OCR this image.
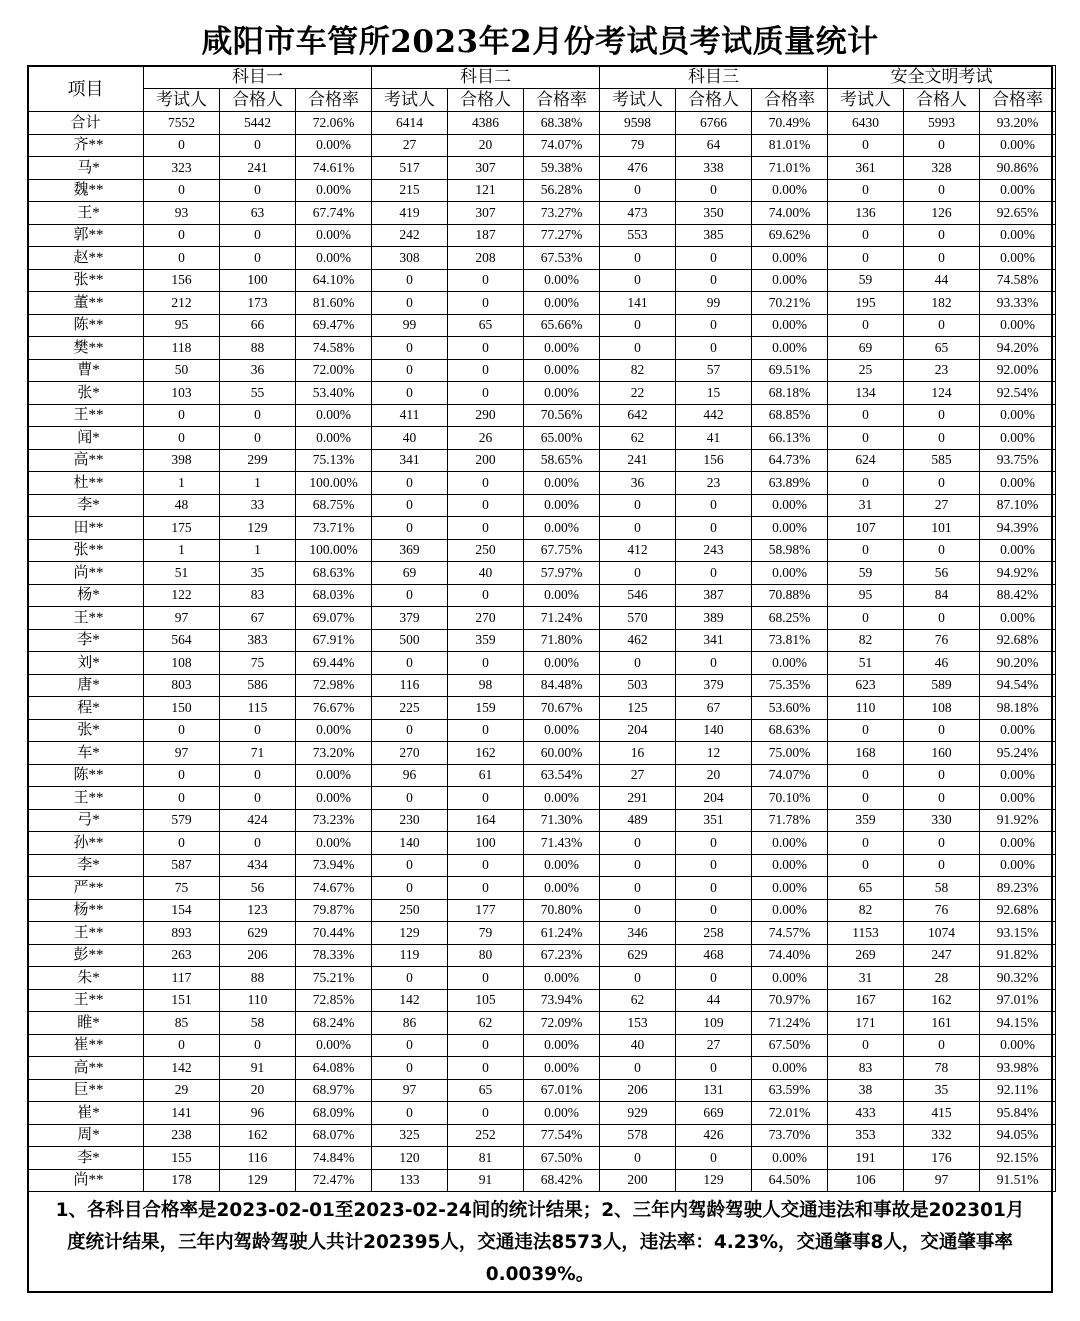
咸阳市车管所2023年2月份考试员考试质量统计
项目	科目一			科目二			科目三			安全文明考试		
	考试人	合格人	合格率	考试人	合格人	合格率	考试人	合格人	合格率	考试人	合格人	合格率
合计	7552	5442	72.06%	6414	4386	68.38%	9598	6766	70.49%	6430	5993	93.20%
齐**	0	0	0.00%	27	20	74.07%	79	64	81.01%	0	0	0.00%
马*	323	241	74.61%	517	307	59.38%	476	338	71.01%	361	328	90.86%
魏**	0	0	0.00%	215	121	56.28%	0	0	0.00%	0	0	0.00%
王*	93	63	67.74%	419	307	73.27%	473	350	74.00%	136	126	92.65%
郭**	0	0	0.00%	242	187	77.27%	553	385	69.62%	0	0	0.00%
赵**	0	0	0.00%	308	208	67.53%	0	0	0.00%	0	0	0.00%
张**	156	100	64.10%	0	0	0.00%	0	0	0.00%	59	44	74.58%
董**	212	173	81.60%	0	0	0.00%	141	99	70.21%	195	182	93.33%
陈**	95	66	69.47%	99	65	65.66%	0	0	0.00%	0	0	0.00%
樊**	118	88	74.58%	0	0	0.00%	0	0	0.00%	69	65	94.20%
曹*	50	36	72.00%	0	0	0.00%	82	57	69.51%	25	23	92.00%
张*	103	55	53.40%	0	0	0.00%	22	15	68.18%	134	124	92.54%
王**	0	0	0.00%	411	290	70.56%	642	442	68.85%	0	0	0.00%
闻*	0	0	0.00%	40	26	65.00%	62	41	66.13%	0	0	0.00%
高**	398	299	75.13%	341	200	58.65%	241	156	64.73%	624	585	93.75%
杜**	1	1	100.00%	0	0	0.00%	36	23	63.89%	0	0	0.00%
李*	48	33	68.75%	0	0	0.00%	0	0	0.00%	31	27	87.10%
田**	175	129	73.71%	0	0	0.00%	0	0	0.00%	107	101	94.39%
张**	1	1	100.00%	369	250	67.75%	412	243	58.98%	0	0	0.00%
尚**	51	35	68.63%	69	40	57.97%	0	0	0.00%	59	56	94.92%
杨*	122	83	68.03%	0	0	0.00%	546	387	70.88%	95	84	88.42%
王**	97	67	69.07%	379	270	71.24%	570	389	68.25%	0	0	0.00%
李*	564	383	67.91%	500	359	71.80%	462	341	73.81%	82	76	92.68%
刘*	108	75	69.44%	0	0	0.00%	0	0	0.00%	51	46	90.20%
唐*	803	586	72.98%	116	98	84.48%	503	379	75.35%	623	589	94.54%
程*	150	115	76.67%	225	159	70.67%	125	67	53.60%	110	108	98.18%
张*	0	0	0.00%	0	0	0.00%	204	140	68.63%	0	0	0.00%
车*	97	71	73.20%	270	162	60.00%	16	12	75.00%	168	160	95.24%
陈**	0	0	0.00%	96	61	63.54%	27	20	74.07%	0	0	0.00%
王**	0	0	0.00%	0	0	0.00%	291	204	70.10%	0	0	0.00%
弓*	579	424	73.23%	230	164	71.30%	489	351	71.78%	359	330	91.92%
孙**	0	0	0.00%	140	100	71.43%	0	0	0.00%	0	0	0.00%
李*	587	434	73.94%	0	0	0.00%	0	0	0.00%	0	0	0.00%
严**	75	56	74.67%	0	0	0.00%	0	0	0.00%	65	58	89.23%
杨**	154	123	79.87%	250	177	70.80%	0	0	0.00%	82	76	92.68%
王**	893	629	70.44%	129	79	61.24%	346	258	74.57%	1153	1074	93.15%
彭**	263	206	78.33%	119	80	67.23%	629	468	74.40%	269	247	91.82%
朱*	117	88	75.21%	0	0	0.00%	0	0	0.00%	31	28	90.32%
王**	151	110	72.85%	142	105	73.94%	62	44	70.97%	167	162	97.01%
睢*	85	58	68.24%	86	62	72.09%	153	109	71.24%	171	161	94.15%
崔**	0	0	0.00%	0	0	0.00%	40	27	67.50%	0	0	0.00%
高**	142	91	64.08%	0	0	0.00%	0	0	0.00%	83	78	93.98%
巨**	29	20	68.97%	97	65	67.01%	206	131	63.59%	38	35	92.11%
崔*	141	96	68.09%	0	0	0.00%	929	669	72.01%	433	415	95.84%
周*	238	162	68.07%	325	252	77.54%	578	426	73.70%	353	332	94.05%
李*	155	116	74.84%	120	81	67.50%	0	0	0.00%	191	176	92.15%
尚**	178	129	72.47%	133	91	68.42%	200	129	64.50%	106	97	91.51%
1、各科目合格率是2023-02-01至2023-02-24间的统计结果；2、三年内驾龄驾驶人交通违法和事故是202301月度统计结果，三年内驾龄驾驶人共计202395人，交通违法8573人，违法率：4.23%，交通肇事8人，交通肇事率0.0039%。
